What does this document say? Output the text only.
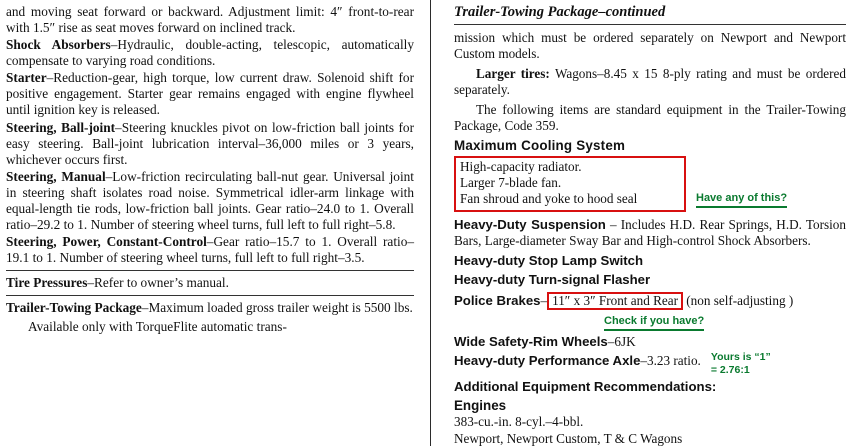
and moving seat forward or backward. Adjustment limit: 4″ front-to-rear with 1.5″ rise as seat moves forward on inclined track.

Shock Absorbers–Hydraulic, double-acting, telescopic, automatically compensate to varying road conditions.

Starter–Reduction-gear, high torque, low current draw. Solenoid shift for positive engagement. Starter gear remains engaged with engine flywheel until ignition key is released.

Steering, Ball-joint–Steering knuckles pivot on low-friction ball joints for easy steering. Ball-joint lubrication interval–36,000 miles or 3 years, whichever occurs first.

Steering, Manual–Low-friction recirculating ball-nut gear. Universal joint in steering shaft isolates road noise. Symmetrical idler-arm linkage with equal-length tie rods, low-friction ball joints. Gear ratio–24.0 to 1. Overall ratio–29.2 to 1. Number of steering wheel turns, full left to full right–5.8.

Steering, Power, Constant-Control–Gear ratio–15.7 to 1. Overall ratio–19.1 to 1. Number of steering wheel turns, full left to full right–3.5.

Tire Pressures–Refer to owner’s manual.

Trailer-Towing Package–Maximum loaded gross trailer weight is 5500 lbs.

Available only with TorqueFlite automatic trans-

Trailer-Towing Package–continued

mission which must be ordered separately on Newport and Newport Custom models.

Larger tires: Wagons–8.45 x 15 8-ply rating and must be ordered separately.

The following items are standard equipment in the Trailer-Towing Package, Code 359.

Maximum Cooling System

High-capacity radiator.

Larger 7-blade fan.

Fan shroud and yoke to hood seal	Have any of this?

Heavy-Duty Suspension – Includes H.D. Rear Springs, H.D. Torsion Bars, Large-diameter Sway Bar and High-control Shock Absorbers.

Heavy-duty Stop Lamp Switch

Heavy-duty Turn-signal Flasher

Police Brakes– 11″ x 3″ Front and Rear (non self-adjusting )

Check if you have?

Wide Safety-Rim Wheels–6JK

Heavy-duty Performance Axle–3.23 ratio. Yours is “1”
= 2.76:1

Additional Equipment Recommendations:

Engines

383-cu.-in. 8-cyl.–4-bbl.

Newport, Newport Custom, T & C Wagons
